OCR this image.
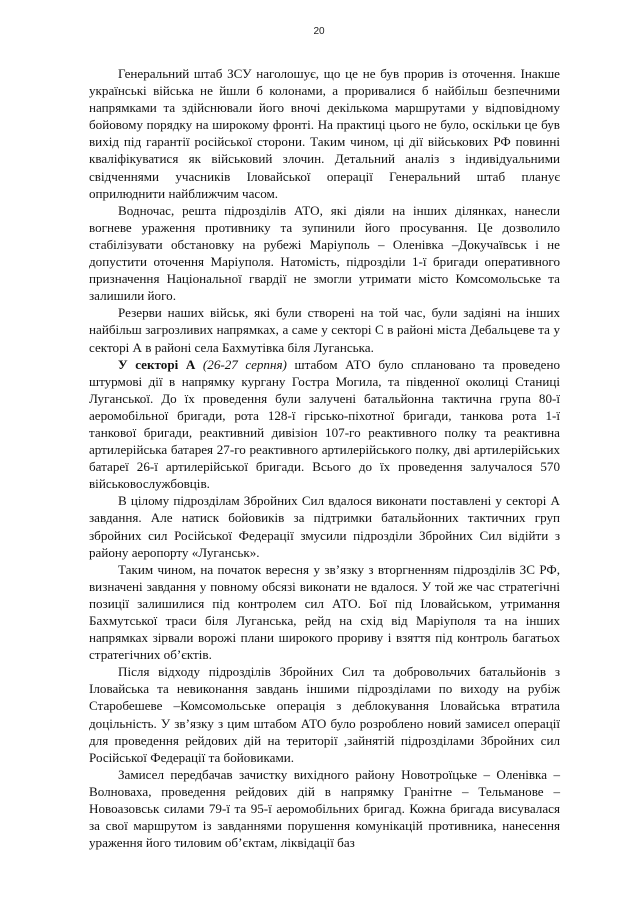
20

Генеральний штаб ЗСУ наголошує, що це не був прорив із оточення. Інакше українські війська не йшли б колонами, а проривалися б найбільш безпечними напрямками та здійснювали його вночі декількома маршрутами у відповідному бойовому порядку на широкому фронті. На практиці цього не було, оскільки це був вихід під гарантії російської сторони. Таким чином, ці дії військових РФ повинні кваліфікуватися як військовий злочин. Детальний аналіз з індивідуальними свідченнями учасників Іловайської операції Генеральний штаб планує оприлюднити найближчим часом.

Водночас, решта підрозділів АТО, які діяли на інших ділянках, нанесли вогневе ураження противнику та зупинили його просування. Це дозволило стабілізувати обстановку на рубежі Маріуполь – Оленівка –Докучаївськ і не допустити оточення Маріуполя. Натомість, підрозділи 1-ї бригади оперативного призначення Національної гвардії не змогли утримати місто Комсомольське та залишили його.

Резерви наших військ, які були створені на той час, були задіяні на інших найбільш загрозливих напрямках, а саме у секторі С в районі міста Дебальцеве та у секторі А в районі села Бахмутівка біля Луганська.

У секторі А (26-27 серпня) штабом АТО було сплановано та проведено штурмові дії в напрямку кургану Гостра Могила, та південної околиці Станиці Луганської. До їх проведення були залучені батальйонна тактична група 80-ї аеромобільної бригади, рота 128-ї гірсько-піхотної бригади, танкова рота 1-ї танкової бригади, реактивний дивізіон 107-го реактивного полку та реактивна артилерійська батарея 27-го реактивного артилерійського полку, дві артилерійських батареї 26-ї артилерійської бригади. Всього до їх проведення залучалося 570 військовослужбовців.

В цілому підрозділам Збройних Сил вдалося виконати поставлені у секторі А завдання. Але натиск бойовиків за підтримки батальйонних тактичних груп збройних сил Російської Федерації змусили підрозділи Збройних Сил відійти з району аеропорту «Луганськ».

Таким чином, на початок вересня у зв’язку з вторгненням підрозділів ЗС РФ, визначені завдання у повному обсязі виконати не вдалося. У той же час стратегічні позиції залишилися під контролем сил АТО. Бої під Іловайськом, утримання Бахмутської траси біля Луганська, рейд на схід від Маріуполя та на інших напрямках зірвали ворожі плани широкого прориву і взяття під контроль багатьох стратегічних об’єктів.

Після відходу підрозділів Збройних Сил та добровольчих батальйонів з Іловайська та невиконання завдань іншими підрозділами по виходу на рубіж Старобешеве –Комсомольське операція з деблокування Іловайська втратила доцільність. У зв’язку з цим штабом АТО було розроблено новий замисел операції для проведення рейдових дій на території ,зайнятій підрозділами Збройних сил Російської Федерації та бойовиками.

Замисел передбачав зачистку вихідного району Новотроїцьке – Оленівка – Волноваха, проведення рейдових дій в напрямку Гранітне – Тельманове – Новоазовськ силами 79-ї та 95-ї аеромобільних бригад. Кожна бригада висувалася за свої маршрутом із завданнями порушення комунікацій противника, нанесення ураження його тиловим об’єктам, ліквідації баз
